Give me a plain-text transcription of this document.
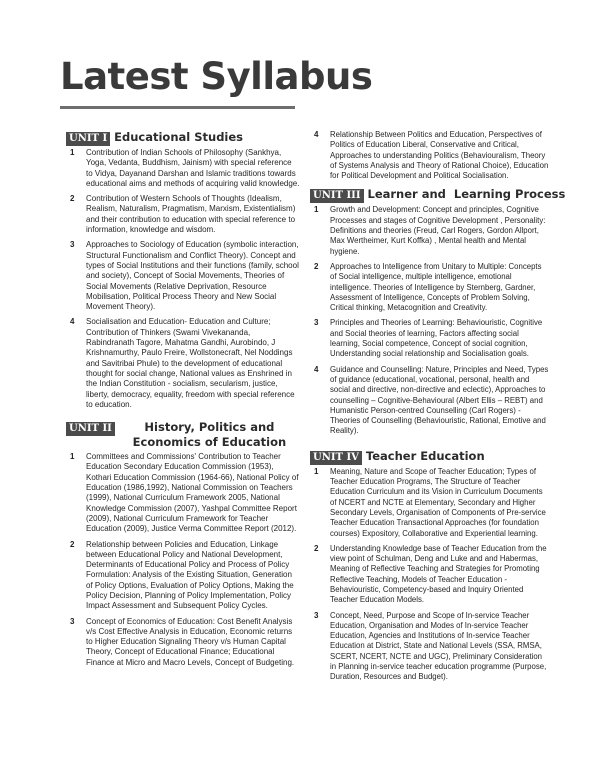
Latest Syllabus
UNIT I Educational Studies
1	Contribution of Indian Schools of Philosophy (Sankhya, Yoga, Vedanta, Buddhism, Jainism) with special reference to Vidya, Dayanand Darshan and Islamic traditions towards educational aims and methods of acquiring valid knowledge.
2	Contribution of Western Schools of Thoughts (Idealism, Realism, Naturalism, Pragmatism, Marxism, Existentialism) and their contribution to education with special reference to information, knowledge and wisdom.
3	Approaches to Sociology of Education (symbolic interaction, Structural Functionalism and Conflict Theory). Concept and types of Social Institutions and their functions (family, school and society), Concept of Social Movements, Theories of Social Movements (Relative Deprivation, Resource Mobilisation, Political Process Theory and New Social Movement Theory).
4	Socialisation and Education- Education and Culture; Contribution of Thinkers (Swami Vivekananda, Rabindranath Tagore, Mahatma Gandhi, Aurobindo, J Krishnamurthy, Paulo Freire, Wollstonecraft, Nel Noddings and Savitribai Phule) to the development of educational thought for social change, National values as Enshrined in the Indian Constitution - socialism, secularism, justice, liberty, democracy, equality, freedom with special reference to education.
UNIT II	History, Politics and Economics of Education
1	Committees and Commissions' Contribution to Teacher Education Secondary Education Commission (1953), Kothari Education Commission (1964-66), National Policy of Education (1986,1992), National Commission on Teachers (1999), National Curriculum Framework 2005, National Knowledge Commission (2007), Yashpal Committee Report (2009), National Curriculum Framework for Teacher Education (2009), Justice Verma Committee Report (2012).
2	Relationship between Policies and Education, Linkage between Educational Policy and National Development, Determinants of Educational Policy and Process of Policy Formulation: Analysis of the Existing Situation, Generation of Policy Options, Evaluation of Policy Options, Making the Policy Decision, Planning of Policy Implementation, Policy Impact Assessment and Subsequent Policy Cycles.
3	Concept of Economics of Education: Cost Benefit Analysis v/s Cost Effective Analysis in Education, Economic returns to Higher Education Signaling Theory v/s Human Capital Theory, Concept of Educational Finance; Educational Finance at Micro and Macro Levels, Concept of Budgeting.
4	Relationship Between Politics and Education, Perspectives of Politics of Education Liberal, Conservative and Critical, Approaches to understanding Politics (Behaviouralism, Theory of Systems Analysis and Theory of Rational Choice), Education for Political Development and Political Socialisation.
UNIT III Learner and  Learning Process
1	Growth and Development: Concept and principles, Cognitive Processes and stages of Cognitive Development , Personality: Definitions and theories (Freud, Carl Rogers, Gordon Allport, Max Wertheimer, Kurt Koffka) , Mental health and Mental hygiene.
2	Approaches to Intelligence from Unitary to Multiple: Concepts of Social intelligence, multiple intelligence, emotional intelligence. Theories of Intelligence by Sternberg, Gardner, Assessment of Intelligence, Concepts of Problem Solving, Critical thinking, Metacognition and Creativity.
3	Principles and Theories of Learning: Behaviouristic, Cognitive and Social theories of learning, Factors affecting social learning, Social competence, Concept of social cognition, Understanding social relationship and Socialisation goals.
4	Guidance and Counselling: Nature, Principles and Need, Types of guidance (educational, vocational, personal, health and social and directive, non-directive and eclectic), Approaches to counselling – Cognitive-Behavioural (Albert Ellis – REBT) and Humanistic Person-centred Counselling (Carl Rogers) - Theories of Counselling (Behaviouristic, Rational, Emotive and Reality).
UNIT IV Teacher Education
1	Meaning, Nature and Scope of Teacher Education; Types of Teacher Education Programs, The Structure of Teacher Education Curriculum and its Vision in Curriculum Documents of NCERT and NCTE at Elementary, Secondary and Higher Secondary Levels, Organisation of Components of Pre-service Teacher Education Transactional Approaches (for foundation courses) Expository, Collaborative and Experiential learning.
2	Understanding Knowledge base of Teacher Education from the view point of Schulman, Deng and Luke and and Habermas, Meaning of Reflective Teaching and Strategies for Promoting Reflective Teaching, Models of Teacher Education - Behaviouristic, Competency-based and Inquiry Oriented Teacher Education Models.
3	Concept, Need, Purpose and Scope of In-service Teacher Education, Organisation and Modes of In-service Teacher Education, Agencies and Institutions of In-service Teacher Education at District, State and National Levels (SSA, RMSA, SCERT, NCERT, NCTE and UGC), Preliminary Consideration in Planning in-service teacher education programme (Purpose, Duration, Resources and Budget).
